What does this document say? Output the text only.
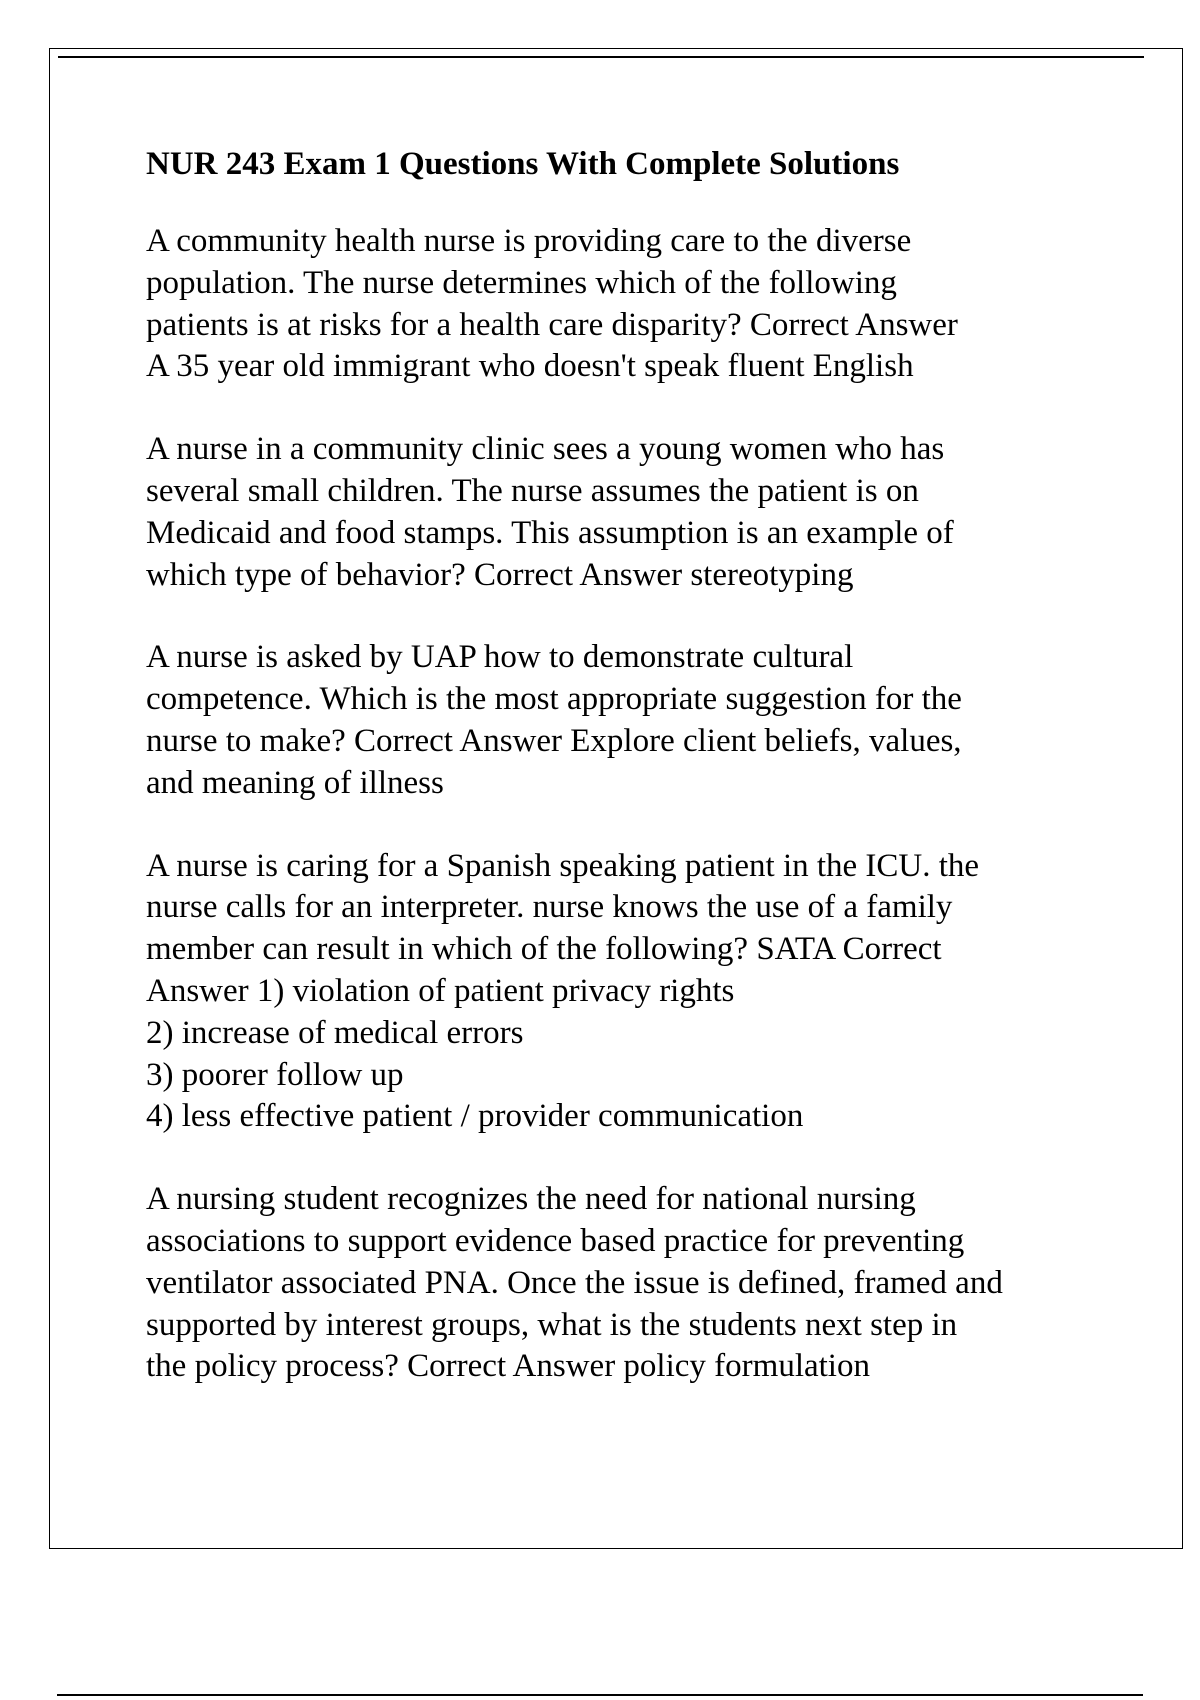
NUR 243 Exam 1 Questions With Complete Solutions
A community health nurse is providing care to the diverse
population. The nurse determines which of the following
patients is at risks for a health care disparity? Correct Answer
A 35 year old immigrant who doesn't speak fluent English
A nurse in a community clinic sees a young women who has
several small children. The nurse assumes the patient is on
Medicaid and food stamps. This assumption is an example of
which type of behavior? Correct Answer stereotyping
A nurse is asked by UAP how to demonstrate cultural
competence. Which is the most appropriate suggestion for the
nurse to make? Correct Answer Explore client beliefs, values,
and meaning of illness
A nurse is caring for a Spanish speaking patient in the ICU. the
nurse calls for an interpreter. nurse knows the use of a family
member can result in which of the following? SATA Correct
Answer 1) violation of patient privacy rights
2) increase of medical errors
3) poorer follow up
4) less effective patient / provider communication
A nursing student recognizes the need for national nursing
associations to support evidence based practice for preventing
ventilator associated PNA. Once the issue is defined, framed and
supported by interest groups, what is the students next step in
the policy process? Correct Answer policy formulation
